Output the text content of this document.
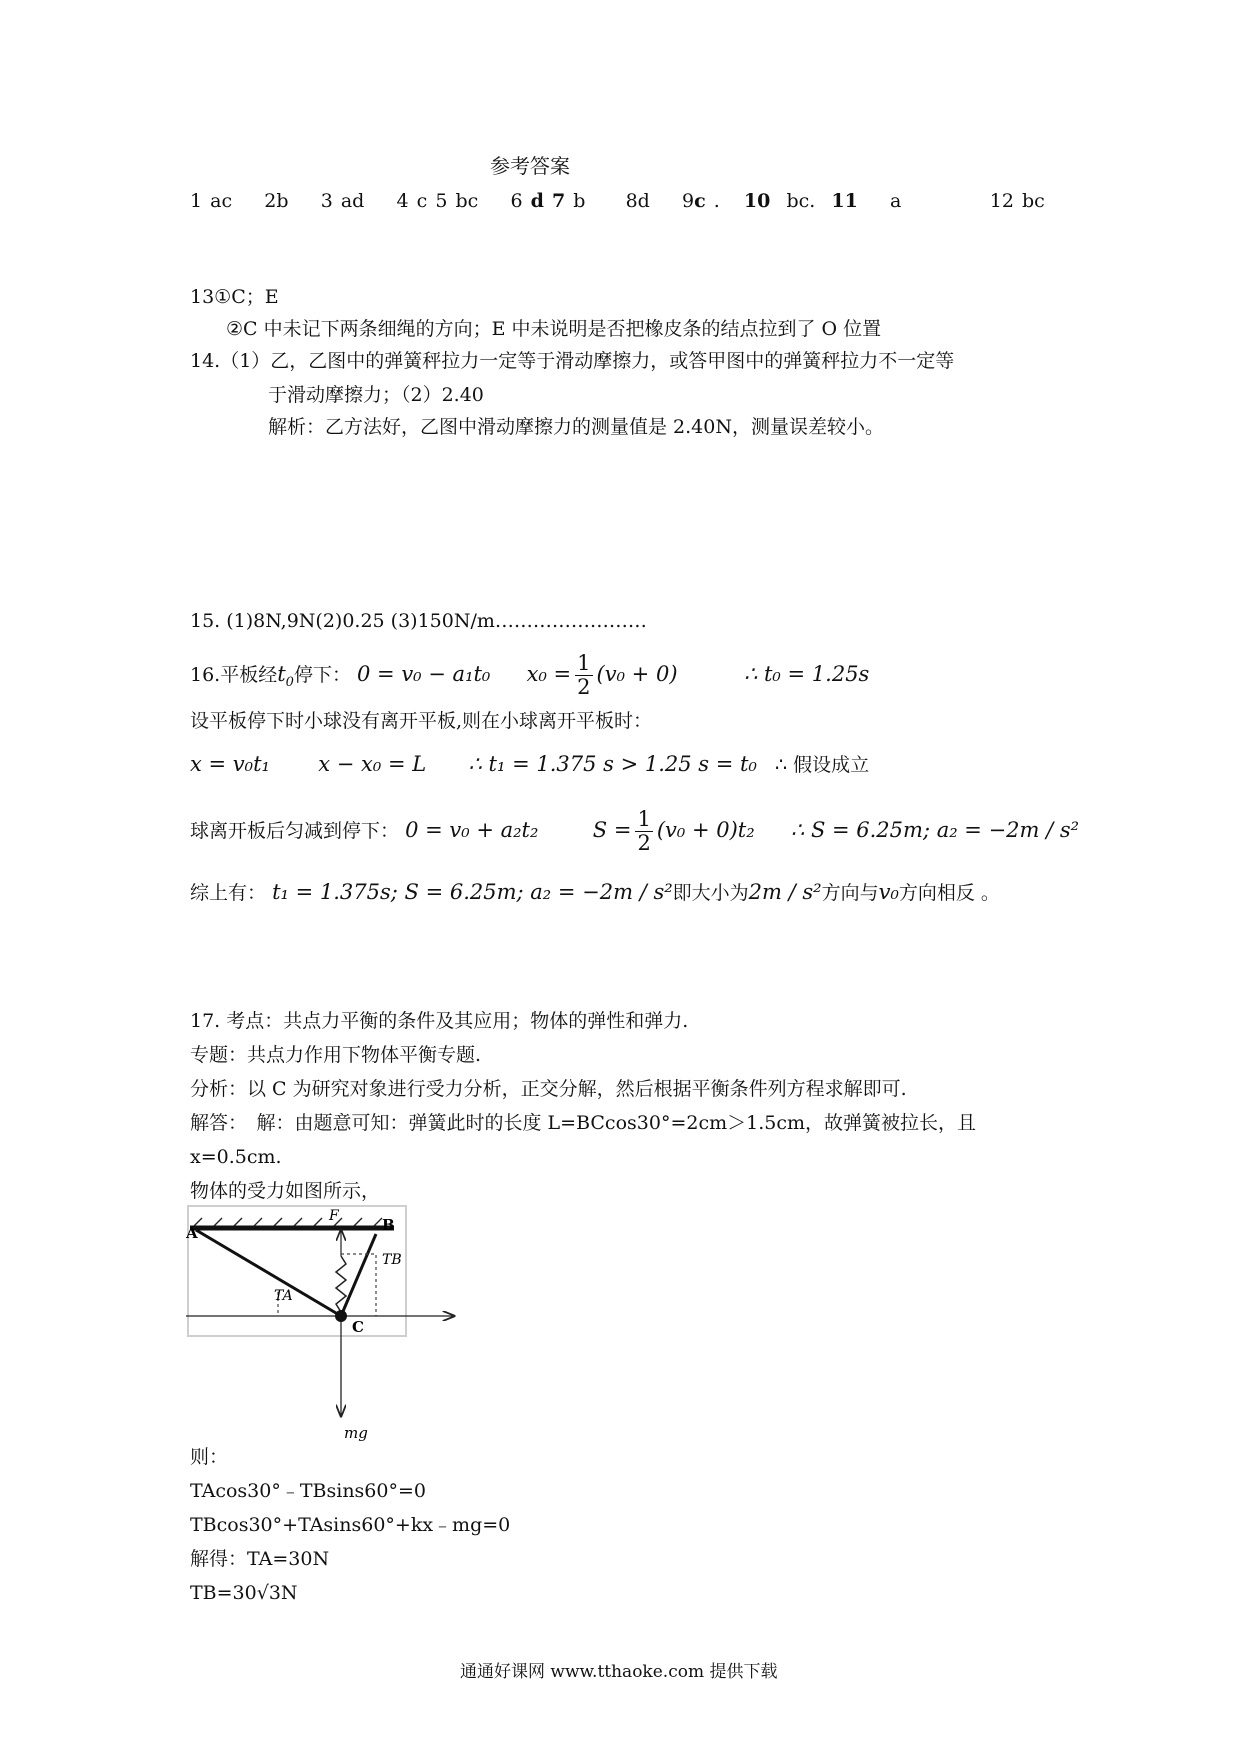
参考答案
1 ac 2b 3 ad 4 c 5 bc 6 d 7 b 8d 9c .   10 bc.  11 a	12 bc
13①C；E
②C 中未记下两条细绳的方向；E 中未说明是否把橡皮条的结点拉到了 O 位置
14.（1）乙，乙图中的弹簧秤拉力一定等于滑动摩擦力，或答甲图中的弹簧秤拉力不一定等
于滑动摩擦力；（2）2.40
解析：乙方法好，乙图中滑动摩擦力的测量值是 2.40N，测量误差较小。
15. (1)8N,9N(2)0.25 (3)150N/m……………………
16.平板经$t_0$停下： 0 = v₀ − a₁t₀ $x_0 = \frac{1}{2} (v_0 + 0)$	∴ t₀ = 1.25s
设平板停下时小球没有离开平板,则在小球离开平板时：
x = v₀t₁ x − x₀ = L ∴ t₁ = 1.375 s > 1.25 s = t₀ ∴ 假设成立
球离开板后匀减到停下： 0 = v₀ + a₂t₂	$S = \frac{1}{2} (v_0 + 0)t_2$ ∴ S = 6.25m; a₂ = −2m / s²
综上有： t₁ = 1.375s; S = 6.25m; a₂ = −2m / s²即大小为2m / s²方向与v₀方向相反 。
17. 考点：共点力平衡的条件及其应用；物体的弹性和弹力.
专题：共点力作用下物体平衡专题.
分析：以 C 为研究对象进行受力分析，正交分解，然后根据平衡条件列方程求解即可.
解答：　解：由题意可知：弹簧此时的长度 L=BCcos30°=2cm＞1.5cm，故弹簧被拉长，且
x=0.5cm.
物体的受力如图所示，
A	B
C
F
TA
TB
mg
则：
TAcos30°﹣TBsins60°=0
TBcos30°+TAsins60°+kx﹣mg=0
解得：TA=30N
TB=30√3N
通通好课网 www.tthaoke.com 提供下载
